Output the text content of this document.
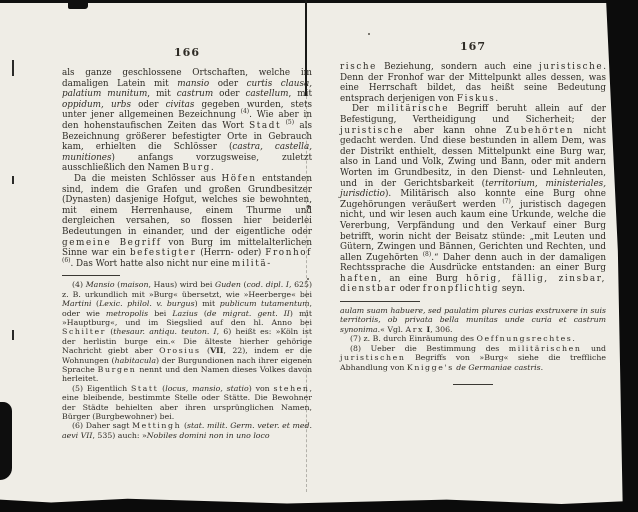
166

als ganze geschlossene Ortschaften, welche im damaligen Latein mit mansio oder curtis clausa, palatium munitum, mit castrum oder castellum, mit oppidum, urbs oder civitas gegeben wurden, stets unter jener allgemeinen Bezeichnung $^{(4)}$. Wie aber in den hohenstaufischen Zeiten das Wort Stadt $^{(5)}$ als Bezeichnung größerer befestigter Orte in Gebrauch kam, erhielten die Schlösser (castra, castella, munitiones) anfangs vorzugsweise, zuletzt ausschließlich den Namen Burg.

Da die meisten Schlösser aus Höfen entstanden sind, indem die Grafen und großen Grundbesitzer (Dynasten) dasjenige Hofgut, welches sie bewohnten, mit einem Herrenhause, einem Thurme und dergleichen versahen, so flossen hier beiderlei Bedeutungen in einander, und der eigentliche oder gemeine Begriff von Burg im mittelalterlichen Sinne war ein befestigter (Herrn- oder) Fronhof $^{(6)}$. Das Wort hatte also nicht nur eine militä-

(4) Mansio (maison, Haus) wird bei Guden (cod. dipl. I, 625) z. B. urkundlich mit »Burg« übersetzt, wie »Heerberge« bei Martini (Lexic. philol. v. burgus) mit publicum tutamentum, oder wie metropolis bei Lazius (de migrat. gent. II) mit »Hauptburg«, und im Siegslied auf den hl. Anno bei Schilter (thesaur. antiqu. teuton. I, 6) heißt es: »Köln ist der herlistin burge ein.« Die älteste hierher gehörige Nachricht giebt aber Orosius (VII, 22), indem er die Wohnungen (habitacula) der Burgundionen nach ihrer eigenen Sprache Burgen nennt und den Namen dieses Volkes davon herleitet.

(5) Eigentlich Statt (locus, mansio, statio) von stehen, eine bleibende, bestimmte Stelle oder Stätte. Die Bewohner der Städte behielten aber ihren ursprünglichen Namen, Bürger (Burgbewohner) bei.

(6) Daher sagt Mettingh (stat. milit. Germ. veter. et med. aevi VII, 535) auch: »Nobiles domini non in uno loco

167

rische Beziehung, sondern auch eine juristische. Denn der Fronhof war der Mittelpunkt alles dessen, was eine Herrschaft bildet, das heißt seine Bedeutung entsprach derjenigen von Fiskus.

Der militärische Begriff beruht allein auf der Befestigung, Vertheidigung und Sicherheit; der juristische aber kann ohne Zubehörten nicht gedacht werden. Und diese bestunden in allem Dem, was der Distrikt enthielt, dessen Mittelpunkt eine Burg war, also in Land und Volk, Zwing und Bann, oder mit andern Worten im Grundbesitz, in den Dienst- und Lehnleuten, und in der Gerichtsbarkeit (territorium, ministeriales, jurisdictio). Militärisch also konnte eine Burg ohne Zugehörungen veräußert werden $^{(7)}$, juristisch dagegen nicht, und wir lesen auch kaum eine Urkunde, welche die Vererbung, Verpfändung und den Verkauf einer Burg betrifft, worin nicht der Beisatz stünde: „mit Leuten und Gütern, Zwingen und Bännen, Gerichten und Rechten, und allen Zugehörten $^{(8)}$.“ Daher denn auch in der damaligen Rechtssprache die Ausdrücke entstanden: an einer Burg haften, an eine Burg hörig, fällig, zinsbar, dienstbar oder fronpflichtig seyn.

aulam suam habuere, sed paulatim plures curias exstruxere in suis territoriis, ob privata bella munitas unde curia et castrum synonima.« Vgl. Arx I, 306.

(7) z. B. durch Einräumung des Oeffnungsrechtes.

(8) Ueber die Bestimmung des militärischen und juristischen Begriffs von »Burg« siehe die treffliche Abhandlung von Knigge's de Germaniae castris.
